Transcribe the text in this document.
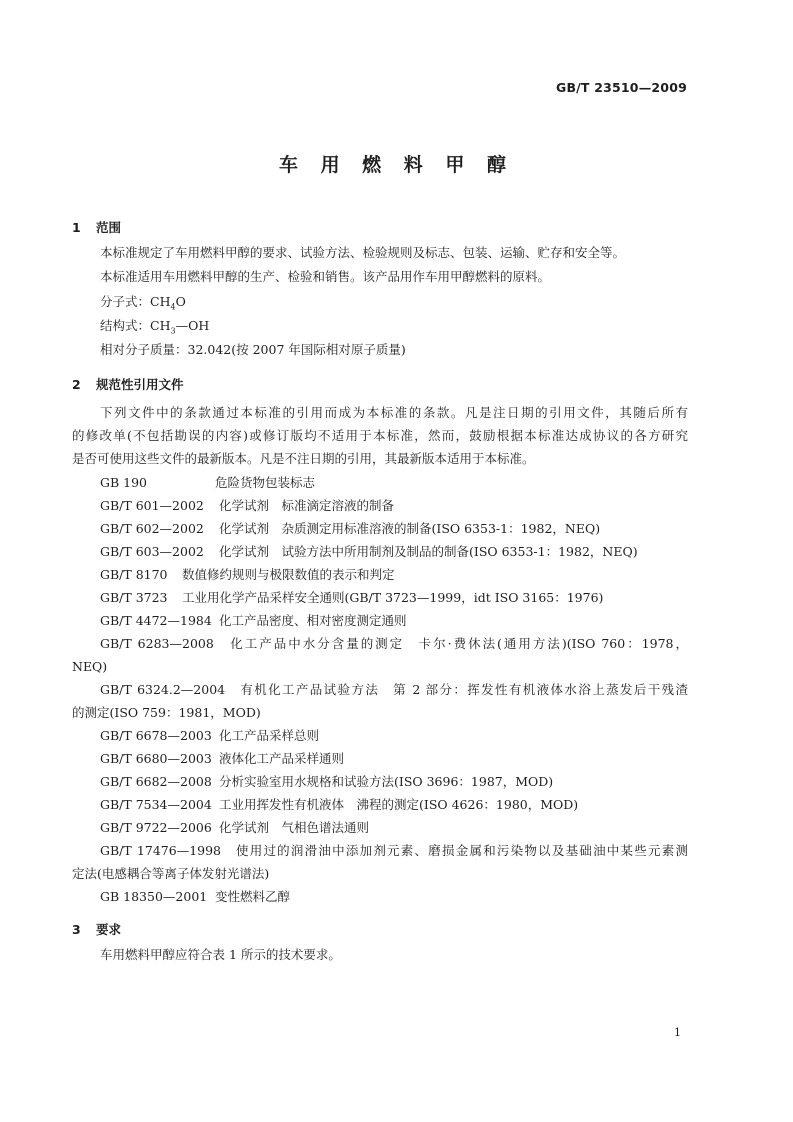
GB/T 23510—2009
车 用 燃 料 甲 醇
1 范围
本标准规定了车用燃料甲醇的要求、试验方法、检验规则及标志、包装、运输、贮存和安全等。
本标准适用车用燃料甲醇的生产、检验和销售。该产品用作车用甲醇燃料的原料。
分子式：$CH_4O$
结构式：$CH_3—OH$
相对分子质量：32.042(按 2007 年国际相对原子质量)
2 规范性引用文件
下列文件中的条款通过本标准的引用而成为本标准的条款。凡是注日期的引用文件，其随后所有
的修改单(不包括勘误的内容)或修订版均不适用于本标准，然而，鼓励根据本标准达成协议的各方研究
是否可使用这些文件的最新版本。凡是不注日期的引用，其最新版本适用于本标准。
GB 190	危险货物包装标志
GB/T 601—2002 化学试剂　标准滴定溶液的制备
GB/T 602—2002 化学试剂　杂质测定用标准溶液的制备(ISO 6353-1：1982，NEQ)
GB/T 603—2002 化学试剂　试验方法中所用制剂及制品的制备(ISO 6353-1：1982，NEQ)
GB/T 8170 数值修约规则与极限数值的表示和判定
GB/T 3723 工业用化学产品采样安全通则(GB/T 3723—1999，idt ISO 3165：1976)
GB/T 4472—1984 化工产品密度、相对密度测定通则
GB/T 6283—2008　化工产品中水分含量的测定　卡尔·费休法(通用方法)(ISO 760：1978，
NEQ)
GB/T 6324.2—2004　有机化工产品试验方法　第 2 部分：挥发性有机液体水浴上蒸发后干残渣
的测定(ISO 759：1981，MOD)
GB/T 6678—2003 化工产品采样总则
GB/T 6680—2003 液体化工产品采样通则
GB/T 6682—2008 分析实验室用水规格和试验方法(ISO 3696：1987，MOD)
GB/T 7534—2004 工业用挥发性有机液体　沸程的测定(ISO 4626：1980，MOD)
GB/T 9722—2006 化学试剂　气相色谱法通则
GB/T 17476—1998　使用过的润滑油中添加剂元素、磨损金属和污染物以及基础油中某些元素测
定法(电感耦合等离子体发射光谱法)
GB 18350—2001 变性燃料乙醇
3 要求
车用燃料甲醇应符合表 1 所示的技术要求。
1
